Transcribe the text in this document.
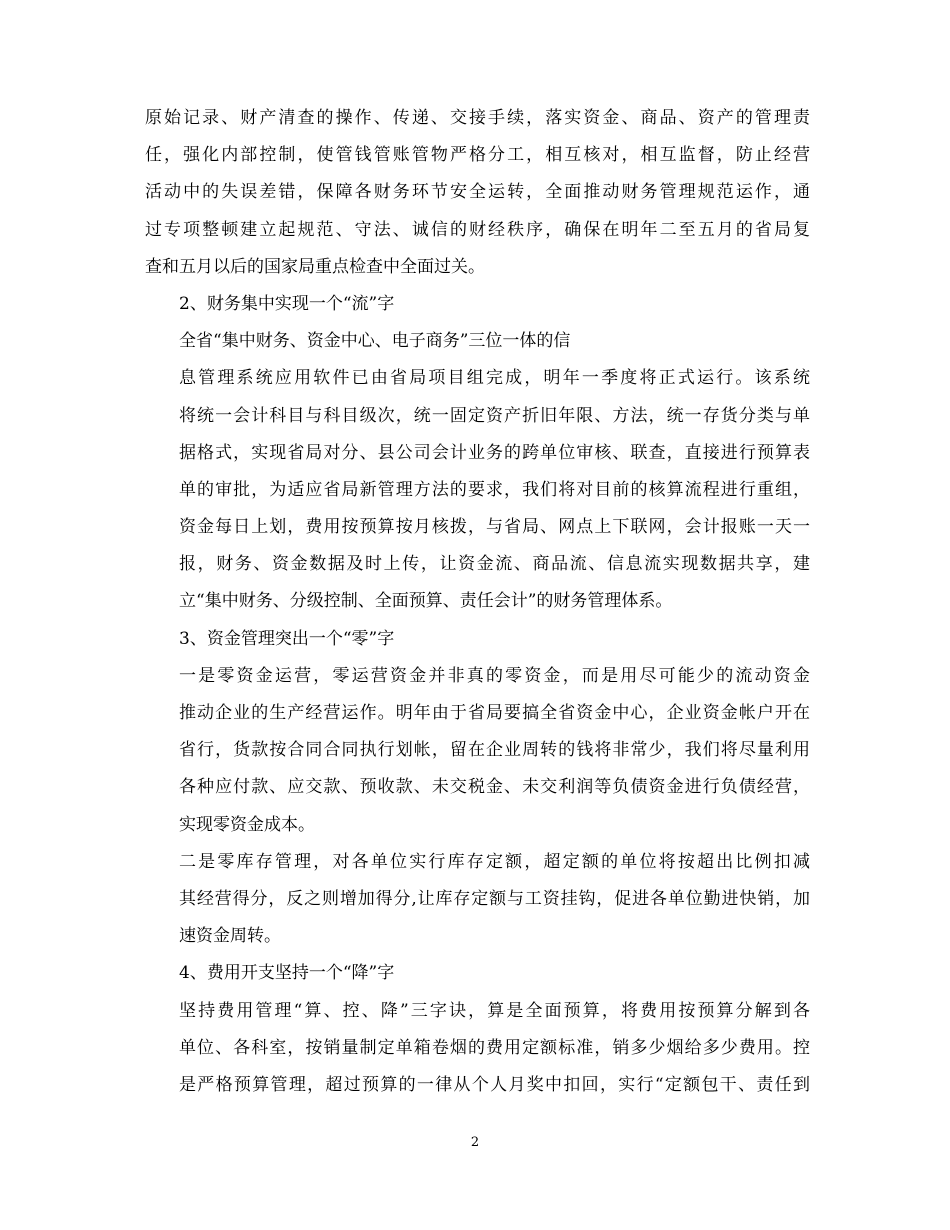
原始记录、财产清查的操作、传递、交接手续，落实资金、商品、资产的管理责
任，强化内部控制，使管钱管账管物严格分工，相互核对，相互监督，防止经营
活动中的失误差错，保障各财务环节安全运转，全面推动财务管理规范运作，通
过专项整顿建立起规范、守法、诚信的财经秩序，确保在明年二至五月的省局复
查和五月以后的国家局重点检查中全面过关。
2、财务集中实现一个“流”字
全省“集中财务、资金中心、电子商务”三位一体的信
息管理系统应用软件已由省局项目组完成，明年一季度将正式运行。该系统
将统一会计科目与科目级次，统一固定资产折旧年限、方法，统一存货分类与单
据格式，实现省局对分、县公司会计业务的跨单位审核、联查，直接进行预算表
单的审批，为适应省局新管理方法的要求，我们将对目前的核算流程进行重组，
资金每日上划，费用按预算按月核拨，与省局、网点上下联网，会计报账一天一
报，财务、资金数据及时上传，让资金流、商品流、信息流实现数据共享，建
立“集中财务、分级控制、全面预算、责任会计”的财务管理体系。
3、资金管理突出一个“零”字
一是零资金运营，零运营资金并非真的零资金，而是用尽可能少的流动资金
推动企业的生产经营运作。明年由于省局要搞全省资金中心，企业资金帐户开在
省行，货款按合同合同执行划帐，留在企业周转的钱将非常少，我们将尽量利用
各种应付款、应交款、预收款、未交税金、未交利润等负债资金进行负债经营，
实现零资金成本。
二是零库存管理，对各单位实行库存定额，超定额的单位将按超出比例扣减
其经营得分，反之则增加得分,让库存定额与工资挂钩，促进各单位勤进快销，加
速资金周转。
4、费用开支坚持一个“降”字
坚持费用管理“算、控、降”三字诀，算是全面预算，将费用按预算分解到各
单位、各科室，按销量制定单箱卷烟的费用定额标准，销多少烟给多少费用。控
是严格预算管理，超过预算的一律从个人月奖中扣回，实行“定额包干、责任到
2
